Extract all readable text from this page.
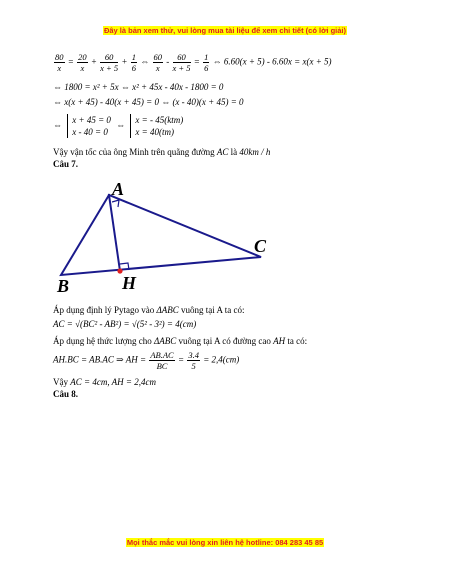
Đây là bản xem thử, vui lòng mua tài liệu để xem chi tiết (có lời giải)
$\frac{80}{x} = \frac{20}{x} + \frac{60}{x + 5} + \frac{1}{6}$ ⇔ $\frac{60}{x} - \frac{60}{x + 5} = \frac{1}{6}$ ⇔ 6.60(x + 5) - 6.60x = x(x + 5)
⇔ 1800 = x² + 5x ⇔ x² + 45x - 40x - 1800 = 0
⇔ x(x + 45) - 40(x + 45) = 0 ⇔ (x - 40)(x + 45) = 0
⇔
x + 45 = 0
x - 40 = 0
⇔
x = - 45(ktm)
x = 40(tm)
Vậy vận tốc của ông Minh trên quãng đường AC là 40km / h
Câu 7.
A
B
C
H
Áp dụng định lý Pytago vào ΔABC vuông tại A ta có:
AC = √(BC² - AB²) = √(5² - 3²) = 4(cm)
Áp dụng hệ thức lượng cho ΔABC vuông tại A có đường cao AH ta có:
AH.BC = AB.AC ⇒ AH = $\frac{AB.AC}{BC} = \frac{3.4}{5} = 2,4(cm)$
Vậy AC = 4cm, AH = 2,4cm
Câu 8.
Mọi thắc mắc vui lòng xin liên hệ hotline: 084 283 45 85
